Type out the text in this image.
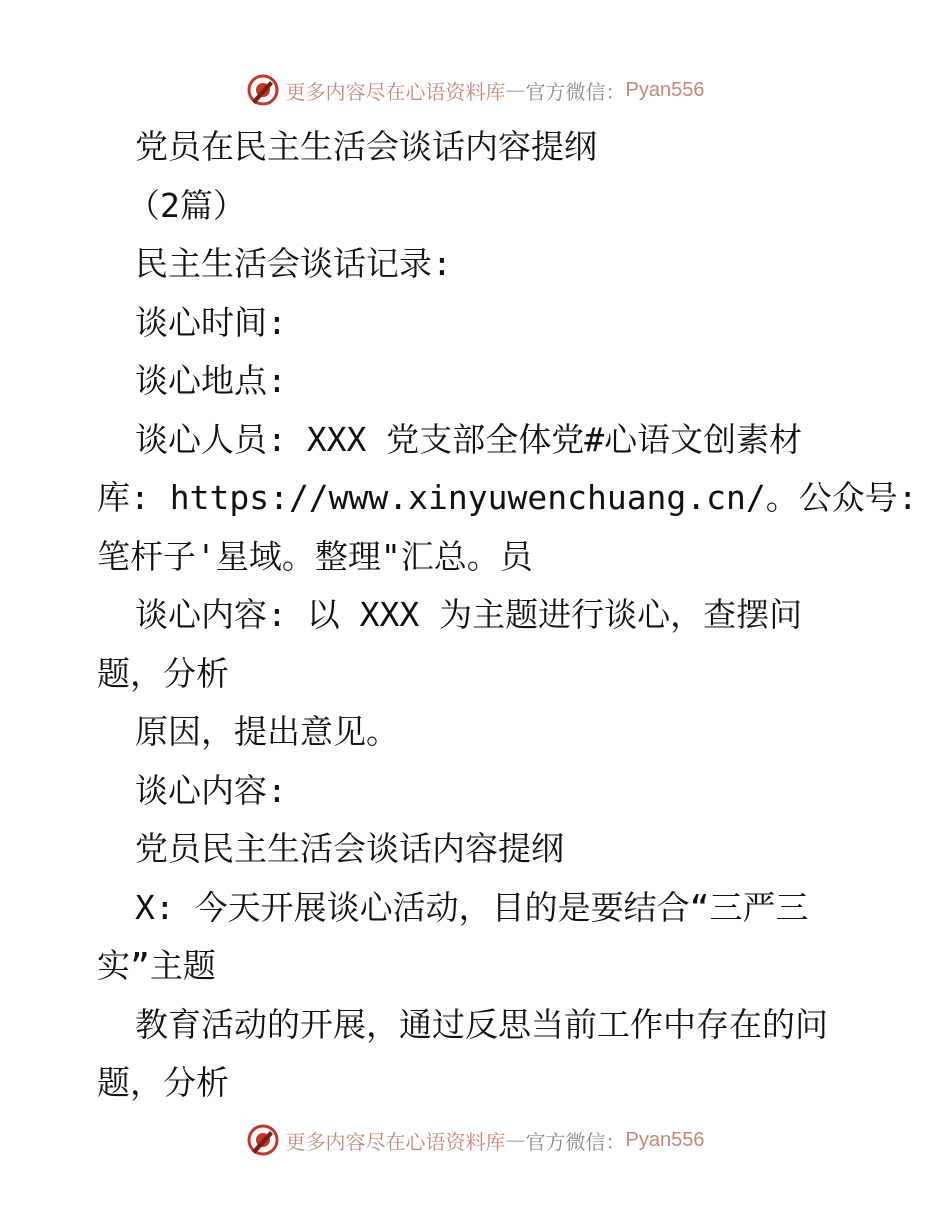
更多内容尽在心语资料库 — 官方微信： Pyan556
党员在民主生活会谈话内容提纲
（2篇）
民主生活会谈话记录:
谈心时间:
谈心地点:
谈心人员: XXX 党支部全体党#心语文创素材
库: https://www.xinyuwenchuang.cn/。公众号:
笔杆子'星域。整理"汇总。员
谈心内容: 以 XXX 为主题进行谈心，查摆问
题，分析
原因，提出意见。
谈心内容:
党员民主生活会谈话内容提纲
X: 今天开展谈心活动，目的是要结合“三严三
实”主题
教育活动的开展，通过反思当前工作中存在的问
题，分析
更多内容尽在心语资料库 — 官方微信： Pyan556
